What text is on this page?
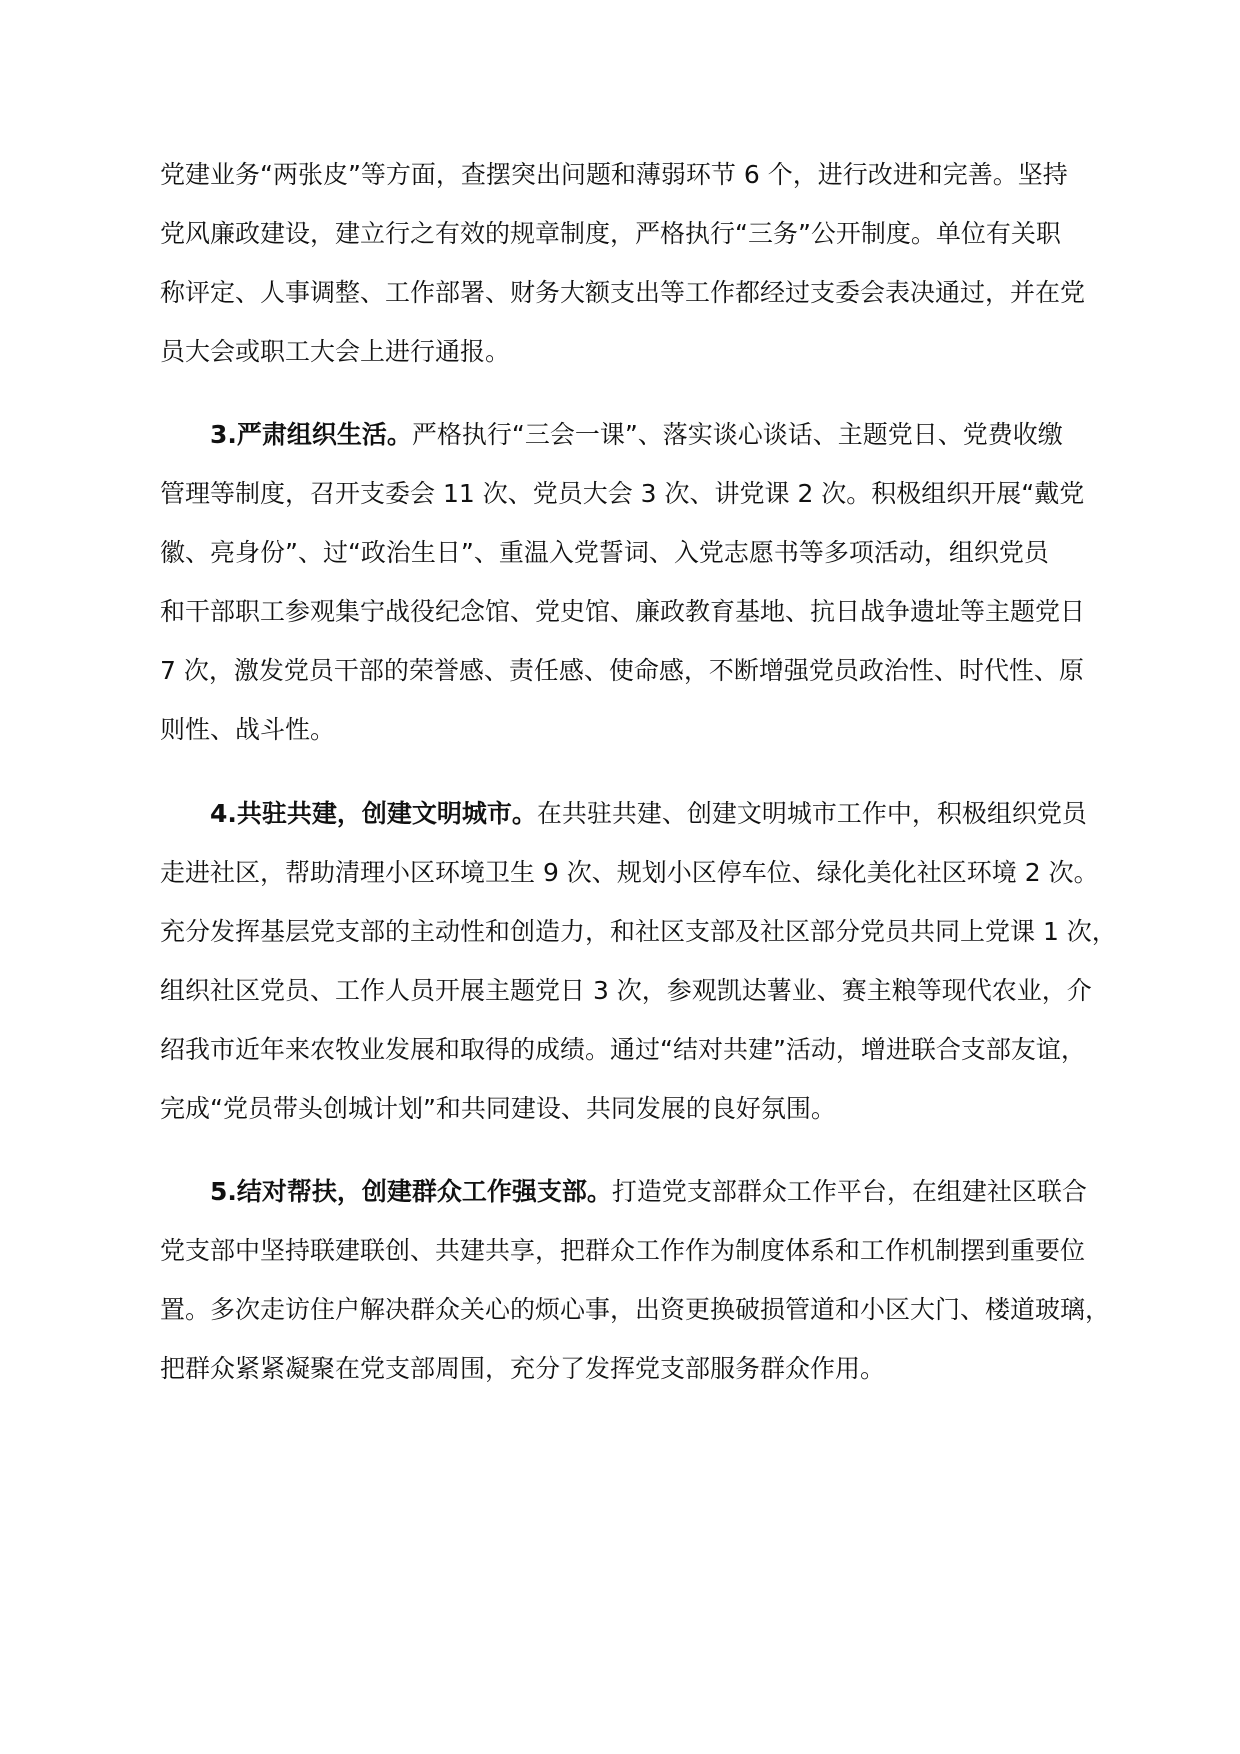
党建业务“两张皮”等方面，查摆突出问题和薄弱环节 6 个，进行改进和完善。坚持
党风廉政建设，建立行之有效的规章制度，严格执行“三务”公开制度。单位有关职
称评定、人事调整、工作部署、财务大额支出等工作都经过支委会表决通过，并在党
员大会或职工大会上进行通报。
3.严肃组织生活。严格执行“三会一课”、落实谈心谈话、主题党日、党费收缴
管理等制度，召开支委会 11 次、党员大会 3 次、讲党课 2 次。积极组织开展“戴党
徽、亮身份”、过“政治生日”、重温入党誓词、入党志愿书等多项活动，组织党员
和干部职工参观集宁战役纪念馆、党史馆、廉政教育基地、抗日战争遗址等主题党日
7 次，激发党员干部的荣誉感、责任感、使命感，不断增强党员政治性、时代性、原
则性、战斗性。
4.共驻共建，创建文明城市。在共驻共建、创建文明城市工作中，积极组织党员
走进社区，帮助清理小区环境卫生 9 次、规划小区停车位、绿化美化社区环境 2 次。
充分发挥基层党支部的主动性和创造力，和社区支部及社区部分党员共同上党课 1 次，
组织社区党员、工作人员开展主题党日 3 次，参观凯达薯业、赛主粮等现代农业，介
绍我市近年来农牧业发展和取得的成绩。通过“结对共建”活动，增进联合支部友谊，
完成“党员带头创城计划”和共同建设、共同发展的良好氛围。
5.结对帮扶，创建群众工作强支部。打造党支部群众工作平台，在组建社区联合
党支部中坚持联建联创、共建共享，把群众工作作为制度体系和工作机制摆到重要位
置。多次走访住户解决群众关心的烦心事，出资更换破损管道和小区大门、楼道玻璃，
把群众紧紧凝聚在党支部周围，充分了发挥党支部服务群众作用。
